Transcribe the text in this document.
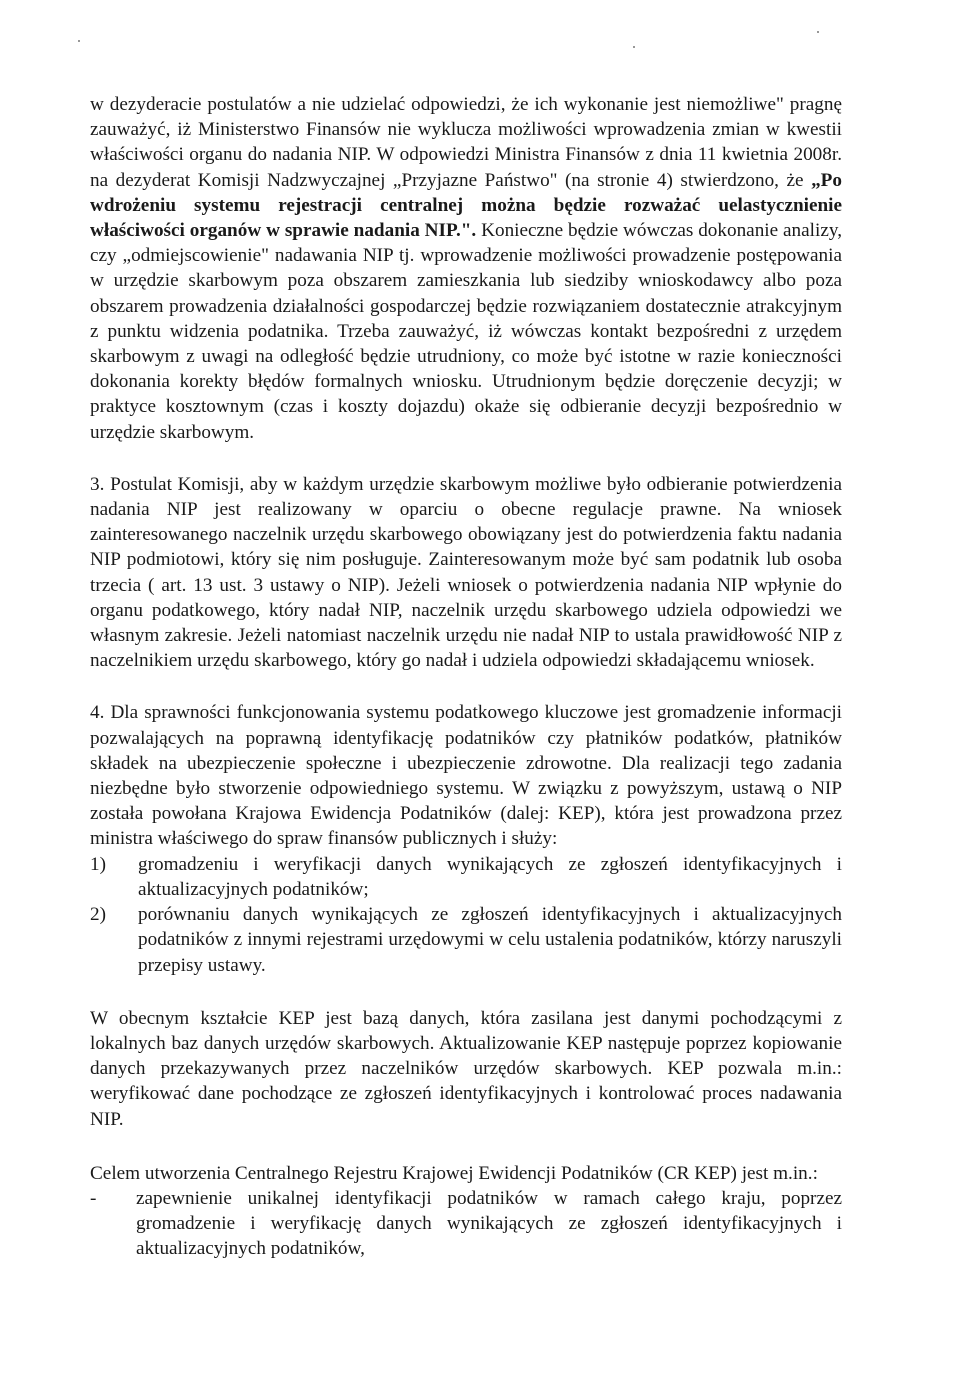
w dezyderacie postulatów a nie udzielać odpowiedzi, że ich wykonanie jest niemożliwe" pragnę zauważyć, iż Ministerstwo Finansów nie wyklucza możliwości wprowadzenia zmian w kwestii właściwości organu do nadania NIP. W odpowiedzi Ministra Finansów z dnia 11 kwietnia 2008r. na dezyderat Komisji Nadzwyczajnej „Przyjazne Państwo" (na stronie 4) stwierdzono, że „Po wdrożeniu systemu rejestracji centralnej można będzie rozważać uelastycznienie właściwości organów w sprawie nadania NIP.". Konieczne będzie wówczas dokonanie analizy, czy „odmiejscowienie" nadawania NIP tj. wprowadzenie możliwości prowadzenie postępowania w urzędzie skarbowym poza obszarem zamieszkania lub siedziby wnioskodawcy albo poza obszarem prowadzenia działalności gospodarczej będzie rozwiązaniem dostatecznie atrakcyjnym z punktu widzenia podatnika. Trzeba zauważyć, iż wówczas kontakt bezpośredni z urzędem skarbowym z uwagi na odległość będzie utrudniony, co może być istotne w razie konieczności dokonania korekty błędów formalnych wniosku. Utrudnionym będzie doręczenie decyzji; w praktyce kosztownym (czas i koszty dojazdu) okaże się odbieranie decyzji bezpośrednio w urzędzie skarbowym.

3. Postulat Komisji, aby w każdym urzędzie skarbowym możliwe było odbieranie potwierdzenia nadania NIP jest realizowany w oparciu o obecne regulacje prawne. Na wniosek zainteresowanego naczelnik urzędu skarbowego obowiązany jest do potwierdzenia faktu nadania NIP podmiotowi, który się nim posługuje. Zainteresowanym może być sam podatnik lub osoba trzecia ( art. 13 ust. 3 ustawy o NIP). Jeżeli wniosek o potwierdzenia nadania NIP wpłynie do organu podatkowego, który nadał NIP, naczelnik urzędu skarbowego udziela odpowiedzi we własnym zakresie. Jeżeli natomiast naczelnik urzędu nie nadał NIP to ustala prawidłowość NIP z naczelnikiem urzędu skarbowego, który go nadał i udziela odpowiedzi składającemu wniosek.

4. Dla sprawności funkcjonowania systemu podatkowego kluczowe jest gromadzenie informacji pozwalających na poprawną identyfikację podatników czy płatników podatków, płatników składek na ubezpieczenie społeczne i ubezpieczenie zdrowotne. Dla realizacji tego zadania niezbędne było stworzenie odpowiedniego systemu. W związku z powyższym, ustawą o NIP została powołana Krajowa Ewidencja Podatników (dalej: KEP), która jest prowadzona przez ministra właściwego do spraw finansów publicznych i służy:

1) gromadzeniu i weryfikacji danych wynikających ze zgłoszeń identyfikacyjnych i aktualizacyjnych podatników;
2) porównaniu danych wynikających ze zgłoszeń identyfikacyjnych i aktualizacyjnych podatników z innymi rejestrami urzędowymi w celu ustalenia podatników, którzy naruszyli przepisy ustawy.

W obecnym kształcie KEP jest bazą danych, która zasilana jest danymi pochodzącymi z lokalnych baz danych urzędów skarbowych. Aktualizowanie KEP następuje poprzez kopiowanie danych przekazywanych przez naczelników urzędów skarbowych. KEP pozwala m.in.: weryfikować dane pochodzące ze zgłoszeń identyfikacyjnych i kontrolować proces nadawania NIP.

Celem utworzenia Centralnego Rejestru Krajowej Ewidencji Podatników (CR KEP) jest m.in.:

- zapewnienie unikalnej identyfikacji podatników w ramach całego kraju, poprzez gromadzenie i weryfikację danych wynikających ze zgłoszeń identyfikacyjnych i aktualizacyjnych podatników,
